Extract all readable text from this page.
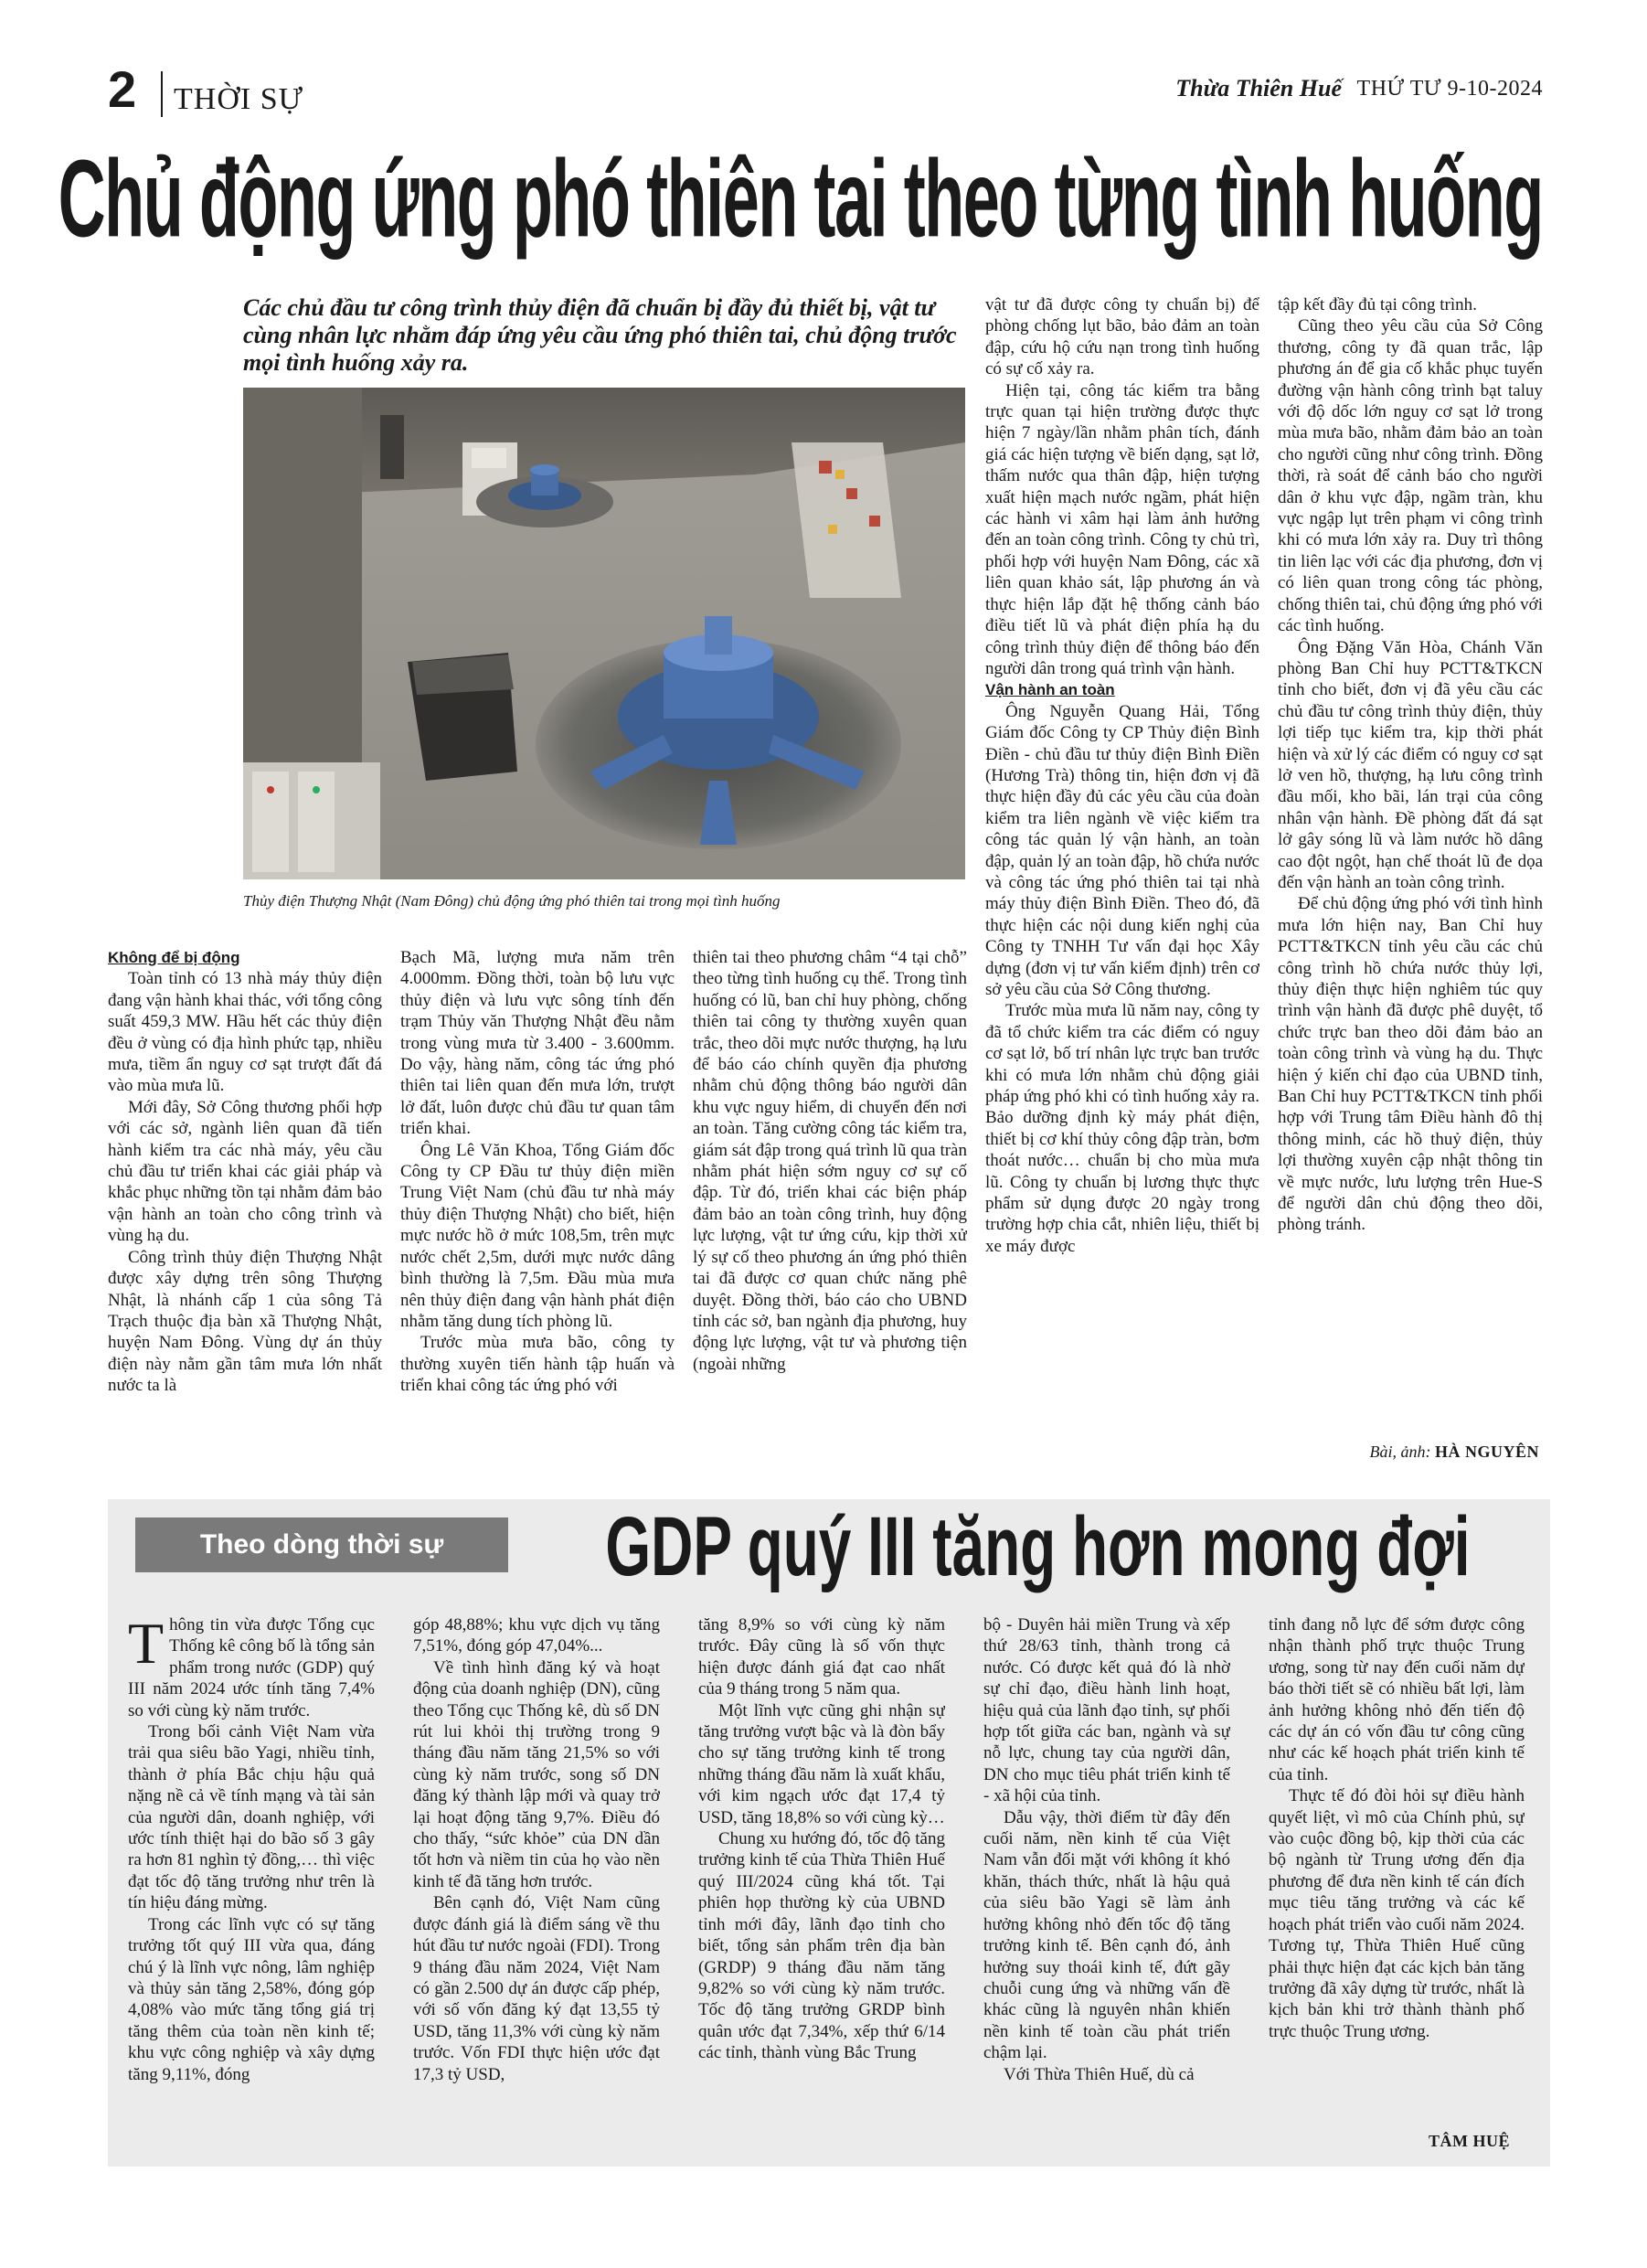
2 THỜI SỰ	Thừa Thiên Huế THỨ TƯ 9-10-2024
Chủ động ứng phó thiên tai theo từng tình huống
Các chủ đầu tư công trình thủy điện đã chuẩn bị đầy đủ thiết bị, vật tư cùng nhân lực nhằm đáp ứng yêu cầu ứng phó thiên tai, chủ động trước mọi tình huống xảy ra.
Thủy điện Thượng Nhật (Nam Đông) chủ động ứng phó thiên tai trong mọi tình huống

Không để bị động

Toàn tỉnh có 13 nhà máy thủy điện đang vận hành khai thác, với tổng công suất 459,3 MW. Hầu hết các thủy điện đều ở vùng có địa hình phức tạp, nhiều mưa, tiềm ẩn nguy cơ sạt trượt đất đá vào mùa mưa lũ.

Mới đây, Sở Công thương phối hợp với các sở, ngành liên quan đã tiến hành kiểm tra các nhà máy, yêu cầu chủ đầu tư triển khai các giải pháp và khắc phục những tồn tại nhằm đảm bảo vận hành an toàn cho công trình và vùng hạ du.

Công trình thủy điện Thượng Nhật được xây dựng trên sông Thượng Nhật, là nhánh cấp 1 của sông Tả Trạch thuộc địa bàn xã Thượng Nhật, huyện Nam Đông. Vùng dự án thủy điện này nằm gần tâm mưa lớn nhất nước ta là

Bạch Mã, lượng mưa năm trên 4.000mm. Đồng thời, toàn bộ lưu vực thủy điện và lưu vực sông tính đến trạm Thủy văn Thượng Nhật đều nằm trong vùng mưa từ 3.400 - 3.600mm. Do vậy, hàng năm, công tác ứng phó thiên tai liên quan đến mưa lớn, trượt lở đất, luôn được chủ đầu tư quan tâm triển khai.

Ông Lê Văn Khoa, Tổng Giám đốc Công ty CP Đầu tư thủy điện miền Trung Việt Nam (chủ đầu tư nhà máy thủy điện Thượng Nhật) cho biết, hiện mực nước hồ ở mức 108,5m, trên mực nước chết 2,5m, dưới mực nước dâng bình thường là 7,5m. Đầu mùa mưa nên thủy điện đang vận hành phát điện nhằm tăng dung tích phòng lũ.

Trước mùa mưa bão, công ty thường xuyên tiến hành tập huấn và triển khai công tác ứng phó với

thiên tai theo phương châm “4 tại chỗ” theo từng tình huống cụ thể. Trong tình huống có lũ, ban chỉ huy phòng, chống thiên tai công ty thường xuyên quan trắc, theo dõi mực nước thượng, hạ lưu để báo cáo chính quyền địa phương nhằm chủ động thông báo người dân khu vực nguy hiểm, di chuyển đến nơi an toàn. Tăng cường công tác kiểm tra, giám sát đập trong quá trình lũ qua tràn nhằm phát hiện sớm nguy cơ sự cố đập. Từ đó, triển khai các biện pháp đảm bảo an toàn công trình, huy động lực lượng, vật tư ứng cứu, kịp thời xử lý sự cố theo phương án ứng phó thiên tai đã được cơ quan chức năng phê duyệt. Đồng thời, báo cáo cho UBND tỉnh các sở, ban ngành địa phương, huy động lực lượng, vật tư và phương tiện (ngoài những

vật tư đã được công ty chuẩn bị) để phòng chống lụt bão, bảo đảm an toàn đập, cứu hộ cứu nạn trong tình huống có sự cố xảy ra.

Hiện tại, công tác kiểm tra bằng trực quan tại hiện trường được thực hiện 7 ngày/lần nhằm phân tích, đánh giá các hiện tượng về biến dạng, sạt lở, thấm nước qua thân đập, hiện tượng xuất hiện mạch nước ngầm, phát hiện các hành vi xâm hại làm ảnh hưởng đến an toàn công trình. Công ty chủ trì, phối hợp với huyện Nam Đông, các xã liên quan khảo sát, lập phương án và thực hiện lắp đặt hệ thống cảnh báo điều tiết lũ và phát điện phía hạ du công trình thủy điện để thông báo đến người dân trong quá trình vận hành.

Vận hành an toàn

Ông Nguyễn Quang Hải, Tổng Giám đốc Công ty CP Thủy điện Bình Điền - chủ đầu tư thủy điện Bình Điền (Hương Trà) thông tin, hiện đơn vị đã thực hiện đầy đủ các yêu cầu của đoàn kiểm tra liên ngành về việc kiểm tra công tác quản lý vận hành, an toàn đập, quản lý an toàn đập, hồ chứa nước và công tác ứng phó thiên tai tại nhà máy thủy điện Bình Điền. Theo đó, đã thực hiện các nội dung kiến nghị của Công ty TNHH Tư vấn đại học Xây dựng (đơn vị tư vấn kiểm định) trên cơ sở yêu cầu của Sở Công thương.

Trước mùa mưa lũ năm nay, công ty đã tổ chức kiểm tra các điểm có nguy cơ sạt lở, bố trí nhân lực trực ban trước khi có mưa lớn nhằm chủ động giải pháp ứng phó khi có tình huống xảy ra. Bảo dưỡng định kỳ máy phát điện, thiết bị cơ khí thủy công đập tràn, bơm thoát nước… chuẩn bị cho mùa mưa lũ. Công ty chuẩn bị lương thực thực phẩm sử dụng được 20 ngày trong trường hợp chia cắt, nhiên liệu, thiết bị xe máy được

tập kết đầy đủ tại công trình.

Cũng theo yêu cầu của Sở Công thương, công ty đã quan trắc, lập phương án để gia cố khắc phục tuyến đường vận hành công trình bạt taluy với độ dốc lớn nguy cơ sạt lở trong mùa mưa bão, nhằm đảm bảo an toàn cho người cũng như công trình. Đồng thời, rà soát để cảnh báo cho người dân ở khu vực đập, ngầm tràn, khu vực ngập lụt trên phạm vi công trình khi có mưa lớn xảy ra. Duy trì thông tin liên lạc với các địa phương, đơn vị có liên quan trong công tác phòng, chống thiên tai, chủ động ứng phó với các tình huống.

Ông Đặng Văn Hòa, Chánh Văn phòng Ban Chỉ huy PCTT&TKCN tỉnh cho biết, đơn vị đã yêu cầu các chủ đầu tư công trình thủy điện, thủy lợi tiếp tục kiểm tra, kịp thời phát hiện và xử lý các điểm có nguy cơ sạt lở ven hồ, thượng, hạ lưu công trình đầu mối, kho bãi, lán trại của công nhân vận hành. Đề phòng đất đá sạt lở gây sóng lũ và làm nước hồ dâng cao đột ngột, hạn chế thoát lũ đe dọa đến vận hành an toàn công trình.

Để chủ động ứng phó với tình hình mưa lớn hiện nay, Ban Chỉ huy PCTT&TKCN tỉnh yêu cầu các chủ công trình hồ chứa nước thủy lợi, thủy điện thực hiện nghiêm túc quy trình vận hành đã được phê duyệt, tổ chức trực ban theo dõi đảm bảo an toàn công trình và vùng hạ du. Thực hiện ý kiến chỉ đạo của UBND tỉnh, Ban Chỉ huy PCTT&TKCN tỉnh phối hợp với Trung tâm Điều hành đô thị thông minh, các hồ thuỷ điện, thủy lợi thường xuyên cập nhật thông tin về mực nước, lưu lượng trên Hue-S để người dân chủ động theo dõi, phòng tránh.

Bài, ảnh: HÀ NGUYÊN
Theo dòng thời sự	GDP quý III tăng hơn mong đợi

Thông tin vừa được Tổng cục Thống kê công bố là tổng sản phẩm trong nước (GDP) quý III năm 2024 ước tính tăng 7,4% so với cùng kỳ năm trước.

Trong bối cảnh Việt Nam vừa trải qua siêu bão Yagi, nhiều tỉnh, thành ở phía Bắc chịu hậu quả nặng nề cả về tính mạng và tài sản của người dân, doanh nghiệp, với ước tính thiệt hại do bão số 3 gây ra hơn 81 nghìn tỷ đồng,… thì việc đạt tốc độ tăng trưởng như trên là tín hiệu đáng mừng.

Trong các lĩnh vực có sự tăng trưởng tốt quý III vừa qua, đáng chú ý là lĩnh vực nông, lâm nghiệp và thủy sản tăng 2,58%, đóng góp 4,08% vào mức tăng tổng giá trị tăng thêm của toàn nền kinh tế; khu vực công nghiệp và xây dựng tăng 9,11%, đóng

góp 48,88%; khu vực dịch vụ tăng 7,51%, đóng góp 47,04%...

Về tình hình đăng ký và hoạt động của doanh nghiệp (DN), cũng theo Tổng cục Thống kê, dù số DN rút lui khỏi thị trường trong 9 tháng đầu năm tăng 21,5% so với cùng kỳ năm trước, song số DN đăng ký thành lập mới và quay trở lại hoạt động tăng 9,7%. Điều đó cho thấy, “sức khỏe” của DN dần tốt hơn và niềm tin của họ vào nền kinh tế đã tăng hơn trước.

Bên cạnh đó, Việt Nam cũng được đánh giá là điểm sáng về thu hút đầu tư nước ngoài (FDI). Trong 9 tháng đầu năm 2024, Việt Nam có gần 2.500 dự án được cấp phép, với số vốn đăng ký đạt 13,55 tỷ USD, tăng 11,3% với cùng kỳ năm trước. Vốn FDI thực hiện ước đạt 17,3 tỷ USD,

tăng 8,9% so với cùng kỳ năm trước. Đây cũng là số vốn thực hiện được đánh giá đạt cao nhất của 9 tháng trong 5 năm qua.

Một lĩnh vực cũng ghi nhận sự tăng trưởng vượt bậc và là đòn bẩy cho sự tăng trưởng kinh tế trong những tháng đầu năm là xuất khẩu, với kim ngạch ước đạt 17,4 tỷ USD, tăng 18,8% so với cùng kỳ…

Chung xu hướng đó, tốc độ tăng trưởng kinh tế của Thừa Thiên Huế quý III/2024 cũng khá tốt. Tại phiên họp thường kỳ của UBND tỉnh mới đây, lãnh đạo tỉnh cho biết, tổng sản phẩm trên địa bàn (GRDP) 9 tháng đầu năm tăng 9,82% so với cùng kỳ năm trước. Tốc độ tăng trưởng GRDP bình quân ước đạt 7,34%, xếp thứ 6/14 các tỉnh, thành vùng Bắc Trung

bộ - Duyên hải miền Trung và xếp thứ 28/63 tỉnh, thành trong cả nước. Có được kết quả đó là nhờ sự chỉ đạo, điều hành linh hoạt, hiệu quả của lãnh đạo tỉnh, sự phối hợp tốt giữa các ban, ngành và sự nỗ lực, chung tay của người dân, DN cho mục tiêu phát triển kinh tế - xã hội của tỉnh.

Dẫu vậy, thời điểm từ đây đến cuối năm, nền kinh tế của Việt Nam vẫn đối mặt với không ít khó khăn, thách thức, nhất là hậu quả của siêu bão Yagi sẽ làm ảnh hưởng không nhỏ đến tốc độ tăng trưởng kinh tế. Bên cạnh đó, ảnh hưởng suy thoái kinh tế, đứt gãy chuỗi cung ứng và những vấn đề khác cũng là nguyên nhân khiến nền kinh tế toàn cầu phát triển chậm lại.

Với Thừa Thiên Huế, dù cả

tỉnh đang nỗ lực để sớm được công nhận thành phố trực thuộc Trung ương, song từ nay đến cuối năm dự báo thời tiết sẽ có nhiều bất lợi, làm ảnh hưởng không nhỏ đến tiến độ các dự án có vốn đầu tư công cũng như các kế hoạch phát triển kinh tế của tỉnh.

Thực tế đó đòi hỏi sự điều hành quyết liệt, vì mô của Chính phủ, sự vào cuộc đồng bộ, kịp thời của các bộ ngành từ Trung ương đến địa phương để đưa nền kinh tế cán đích mục tiêu tăng trưởng và các kế hoạch phát triển vào cuối năm 2024. Tương tự, Thừa Thiên Huế cũng phải thực hiện đạt các kịch bản tăng trưởng đã xây dựng từ trước, nhất là kịch bản khi trở thành thành phố trực thuộc Trung ương.

TÂM HUỆ
